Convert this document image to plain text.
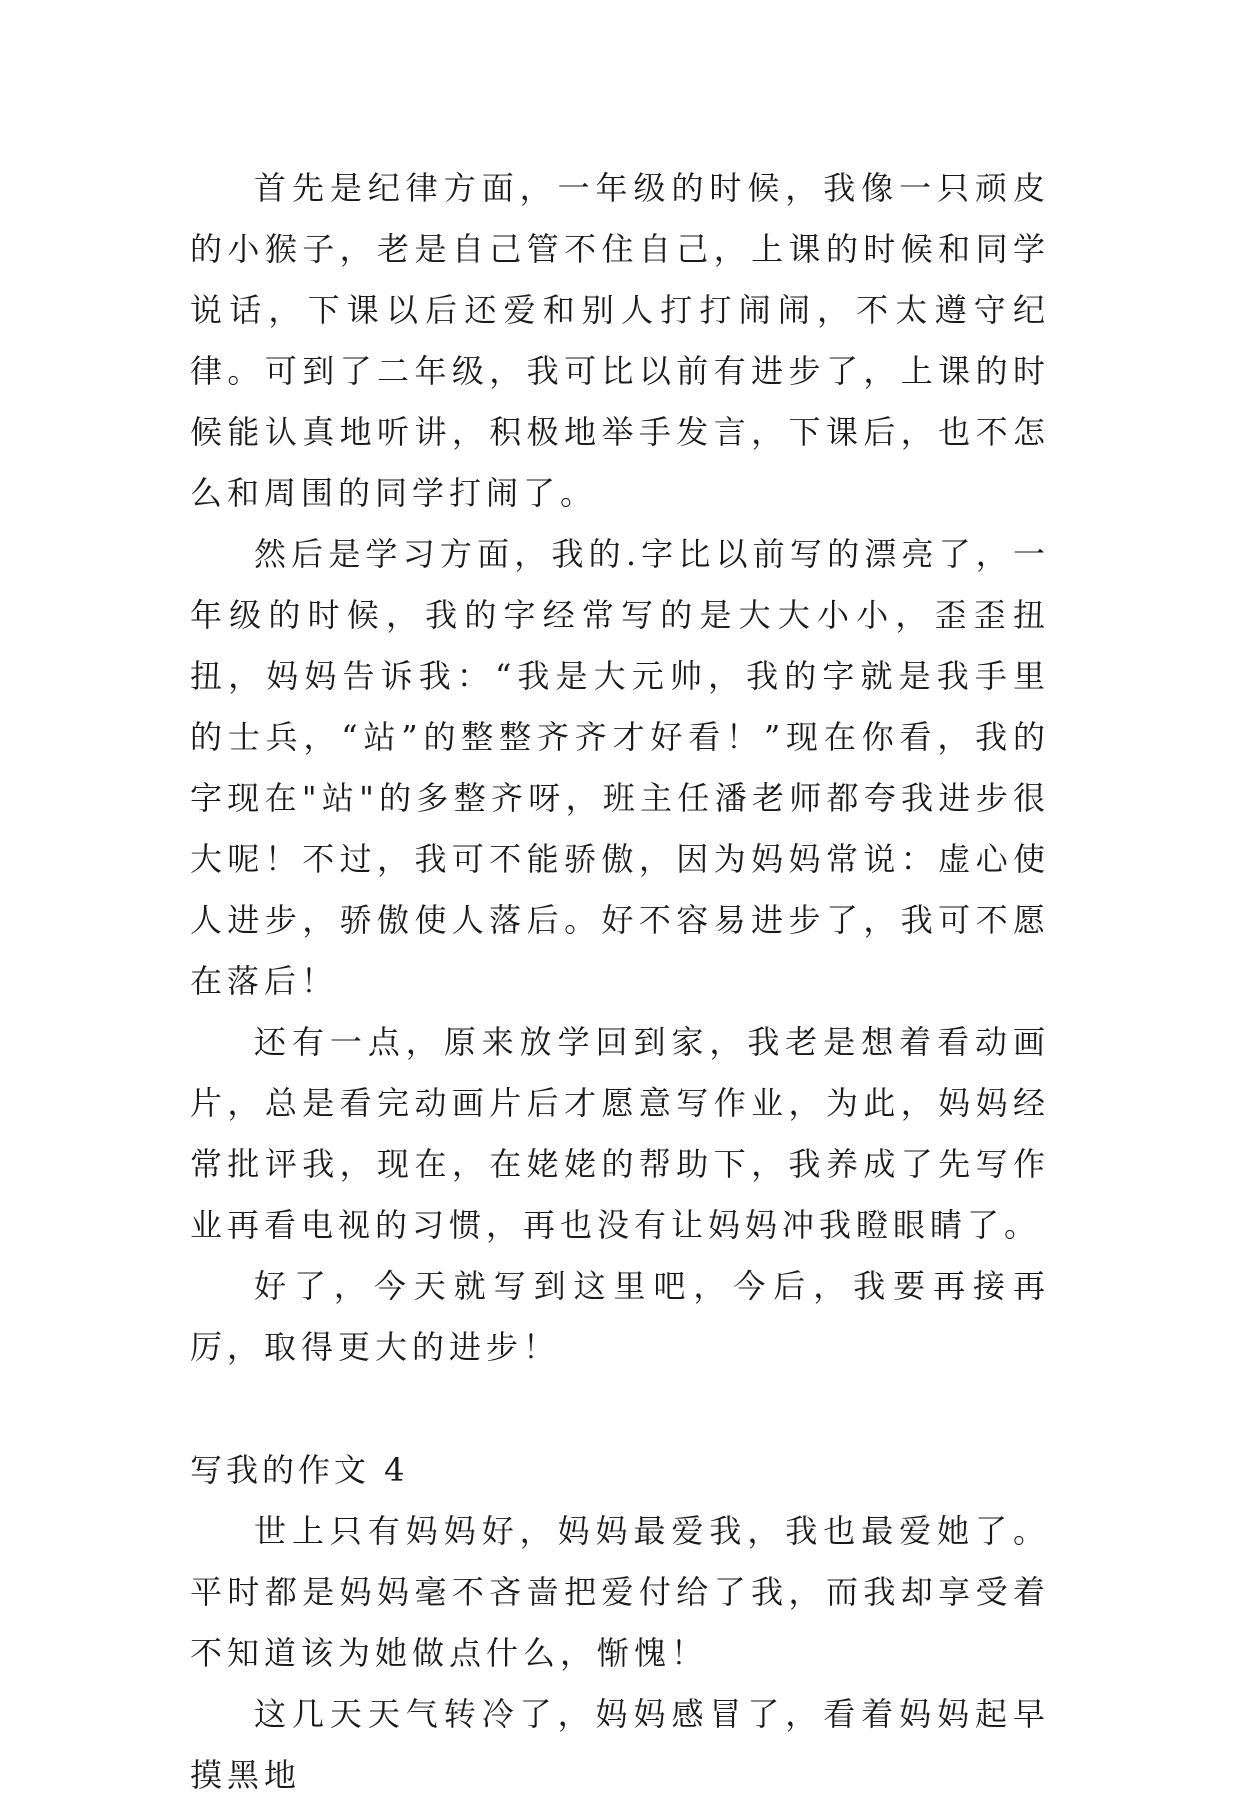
首先是纪律方面，一年级的时候，我像一只顽皮的小猴子，老是自己管不住自己，上课的时候和同学说话，下课以后还爱和别人打打闹闹，不太遵守纪律。可到了二年级，我可比以前有进步了，上课的时候能认真地听讲，积极地举手发言，下课后，也不怎么和周围的同学打闹了。

然后是学习方面，我的.字比以前写的漂亮了，一年级的时候，我的字经常写的是大大小小，歪歪扭扭，妈妈告诉我：“我是大元帅，我的字就是我手里的士兵，“站”的整整齐齐才好看！”现在你看，我的字现在"站"的多整齐呀，班主任潘老师都夸我进步很大呢！不过，我可不能骄傲，因为妈妈常说：虚心使人进步，骄傲使人落后。好不容易进步了，我可不愿在落后！

还有一点，原来放学回到家，我老是想着看动画片，总是看完动画片后才愿意写作业，为此，妈妈经常批评我，现在，在姥姥的帮助下，我养成了先写作业再看电视的习惯，再也没有让妈妈冲我瞪眼睛了。

好了，今天就写到这里吧，今后，我要再接再厉，取得更大的进步！

写我的作文 4

世上只有妈妈好，妈妈最爱我，我也最爱她了。平时都是妈妈毫不吝啬把爱付给了我，而我却享受着不知道该为她做点什么，惭愧！

这几天天气转冷了，妈妈感冒了，看着妈妈起早摸黑地
